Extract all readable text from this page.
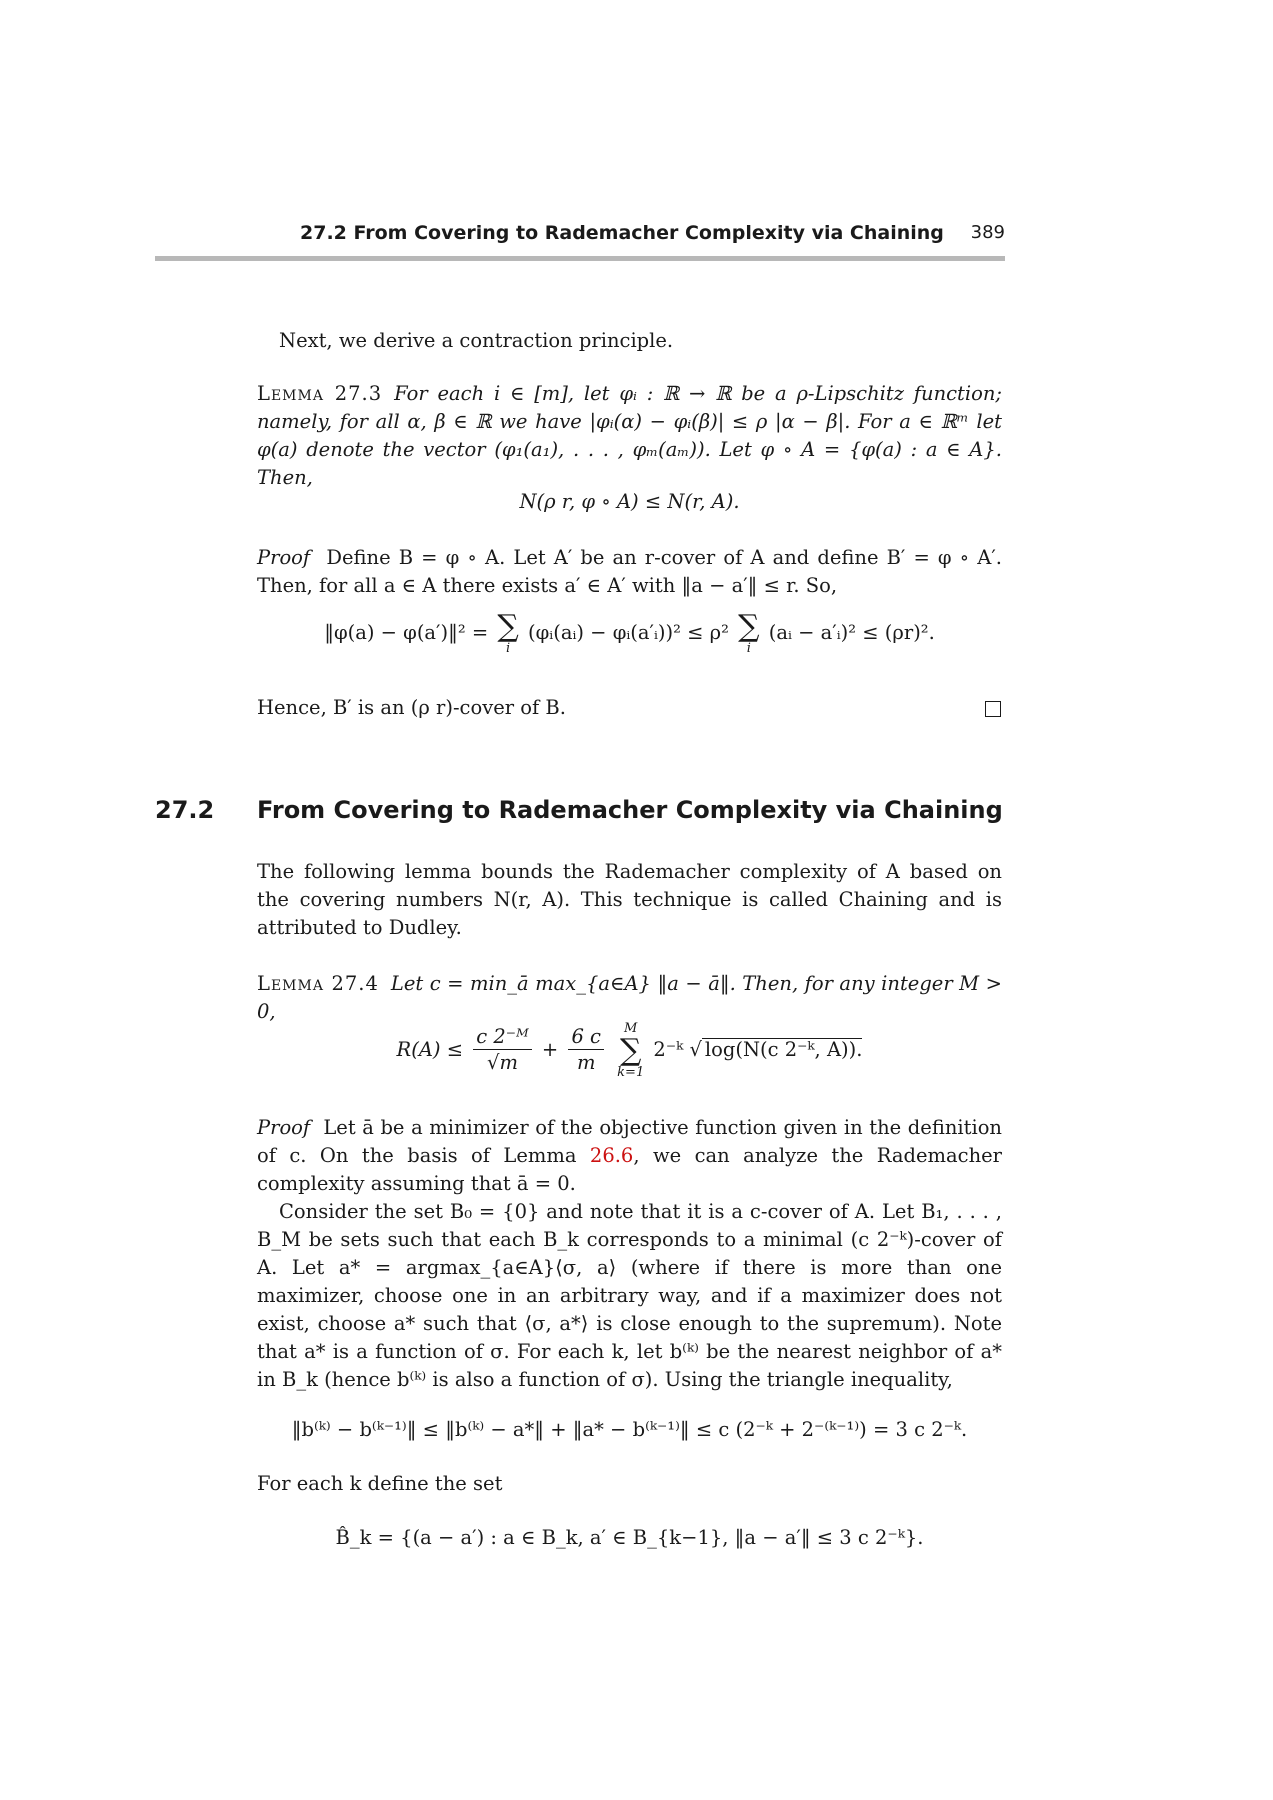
27.2 From Covering to Rademacher Complexity via Chaining 389
Next, we derive a contraction principle.
Lemma 27.3 For each i ∈ [m], let φᵢ : ℝ → ℝ be a ρ-Lipschitz function; namely, for all α, β ∈ ℝ we have |φᵢ(α) − φᵢ(β)| ≤ ρ |α − β|. For a ∈ ℝᵐ let φ(a) denote the vector (φ₁(a₁), . . . , φₘ(aₘ)). Let φ ∘ A = {φ(a) : a ∈ A}. Then,
N(ρ r, φ ∘ A) ≤ N(r, A).
Proof Define B = φ ∘ A. Let A′ be an r-cover of A and define B′ = φ ∘ A′. Then, for all a ∈ A there exists a′ ∈ A′ with ‖a − a′‖ ≤ r. So,
‖φ(a) − φ(a′)‖² = ∑
i
(φᵢ(aᵢ) − φᵢ(a′ᵢ))² ≤ ρ² ∑
i
(aᵢ − a′ᵢ)² ≤ (ρr)².
Hence, B′ is an (ρ r)-cover of B.
27.2 From Covering to Rademacher Complexity via Chaining
The following lemma bounds the Rademacher complexity of A based on the covering numbers N(r, A). This technique is called Chaining and is attributed to Dudley.
Lemma 27.4 Let c = min_ā max_{a∈A} ‖a − ā‖. Then, for any integer M > 0,
$R(A) \le \frac{\text{c 2⁻ᴹ}}{√m} + \frac{6 c}{m}$
	M
∑
k=1
2⁻ᵏ √ log(N(c 2⁻ᵏ, A)).
Proof Let ā be a minimizer of the objective function given in the definition of c. On the basis of Lemma 26.6, we can analyze the Rademacher complexity assuming that ā = 0.
Consider the set B₀ = {0} and note that it is a c-cover of A. Let B₁, . . . , B_M be sets such that each B_k corresponds to a minimal (c 2⁻ᵏ)-cover of A. Let a* = argmax_{a∈A}⟨σ, a⟩ (where if there is more than one maximizer, choose one in an arbitrary way, and if a maximizer does not exist, choose a* such that ⟨σ, a*⟩ is close enough to the supremum). Note that a* is a function of σ. For each k, let b⁽ᵏ⁾ be the nearest neighbor of a* in B_k (hence b⁽ᵏ⁾ is also a function of σ). Using the triangle inequality,
‖b⁽ᵏ⁾ − b⁽ᵏ⁻¹⁾‖ ≤ ‖b⁽ᵏ⁾ − a*‖ + ‖a* − b⁽ᵏ⁻¹⁾‖ ≤ c (2⁻ᵏ + 2⁻⁽ᵏ⁻¹⁾) = 3 c 2⁻ᵏ.
For each k define the set
B̂_k = {(a − a′) : a ∈ B_k, a′ ∈ B_{k−1}, ‖a − a′‖ ≤ 3 c 2⁻ᵏ}.
